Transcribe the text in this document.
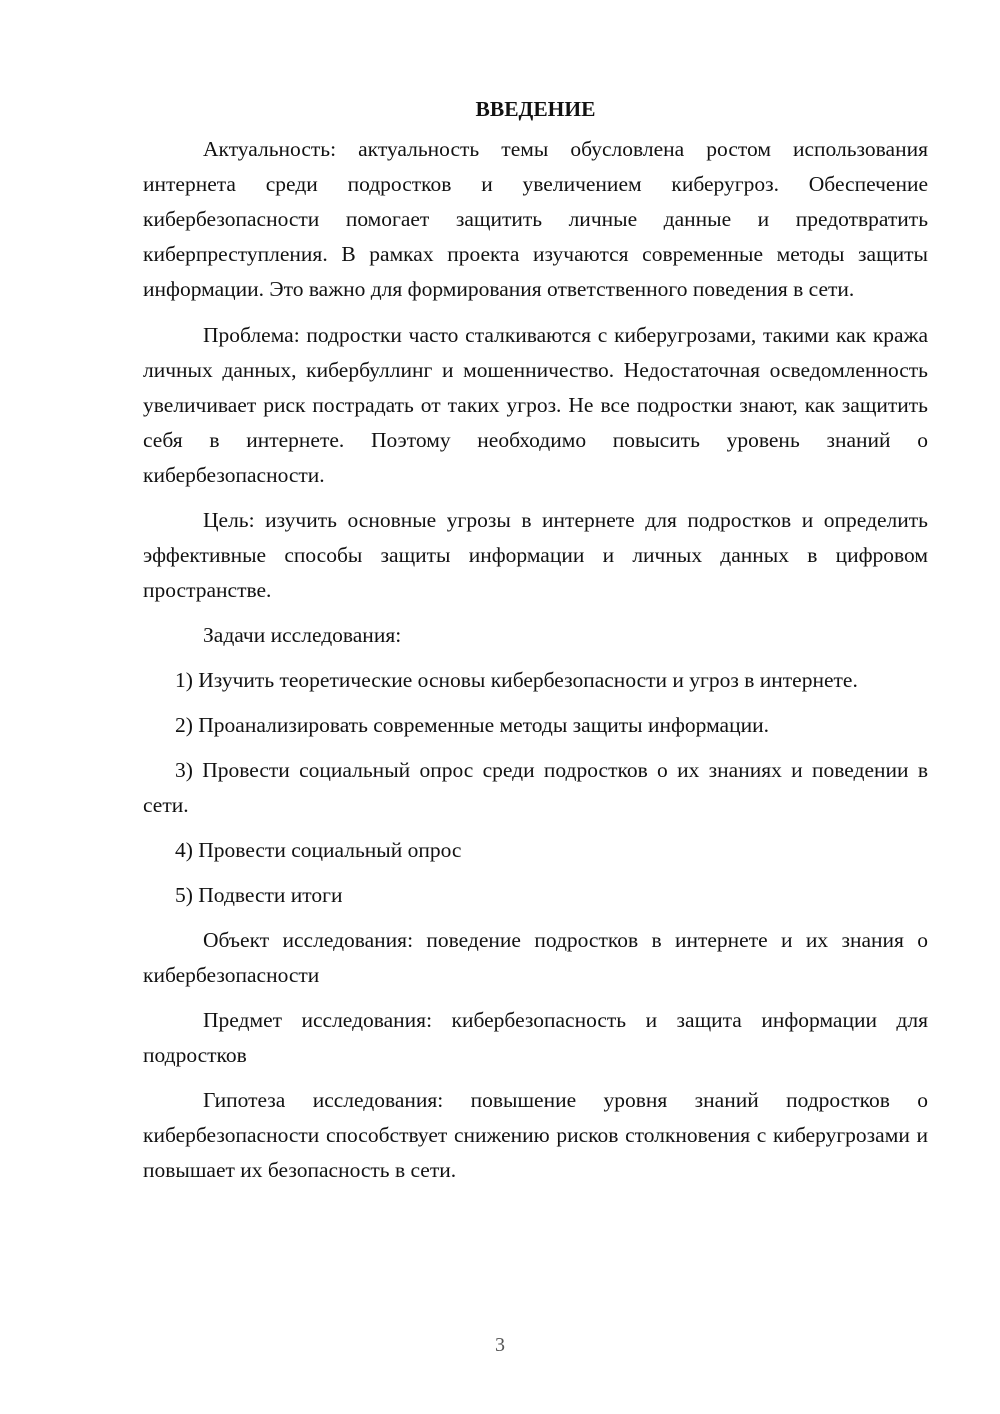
ВВЕДЕНИЕ

Актуальность: актуальность темы обусловлена ростом использования интернета среди подростков и увеличением киберугроз. Обеспечение кибербезопасности помогает защитить личные данные и предотвратить киберпреступления. В рамках проекта изучаются современные методы защиты информации. Это важно для формирования ответственного поведения в сети.

Проблема: подростки часто сталкиваются с киберугрозами, такими как кража личных данных, кибербуллинг и мошенничество. Недостаточная осведомленность увеличивает риск пострадать от таких угроз. Не все подростки знают, как защитить себя в интернете. Поэтому необходимо повысить уровень знаний о кибербезопасности.

Цель: изучить основные угрозы в интернете для подростков и определить эффективные способы защиты информации и личных данных в цифровом пространстве.

Задачи исследования:

1) Изучить теоретические основы кибербезопасности и угроз в интернете.

2) Проанализировать современные методы защиты информации.

3) Провести социальный опрос среди подростков о их знаниях и поведении в сети.

4) Провести социальный опрос

5) Подвести итоги

Объект исследования: поведение подростков в интернете и их знания о кибербезопасности

Предмет исследования: кибербезопасность и защита информации для подростков

Гипотеза исследования: повышение уровня знаний подростков о кибербезопасности способствует снижению рисков столкновения с киберугрозами и повышает их безопасность в сети.

3
